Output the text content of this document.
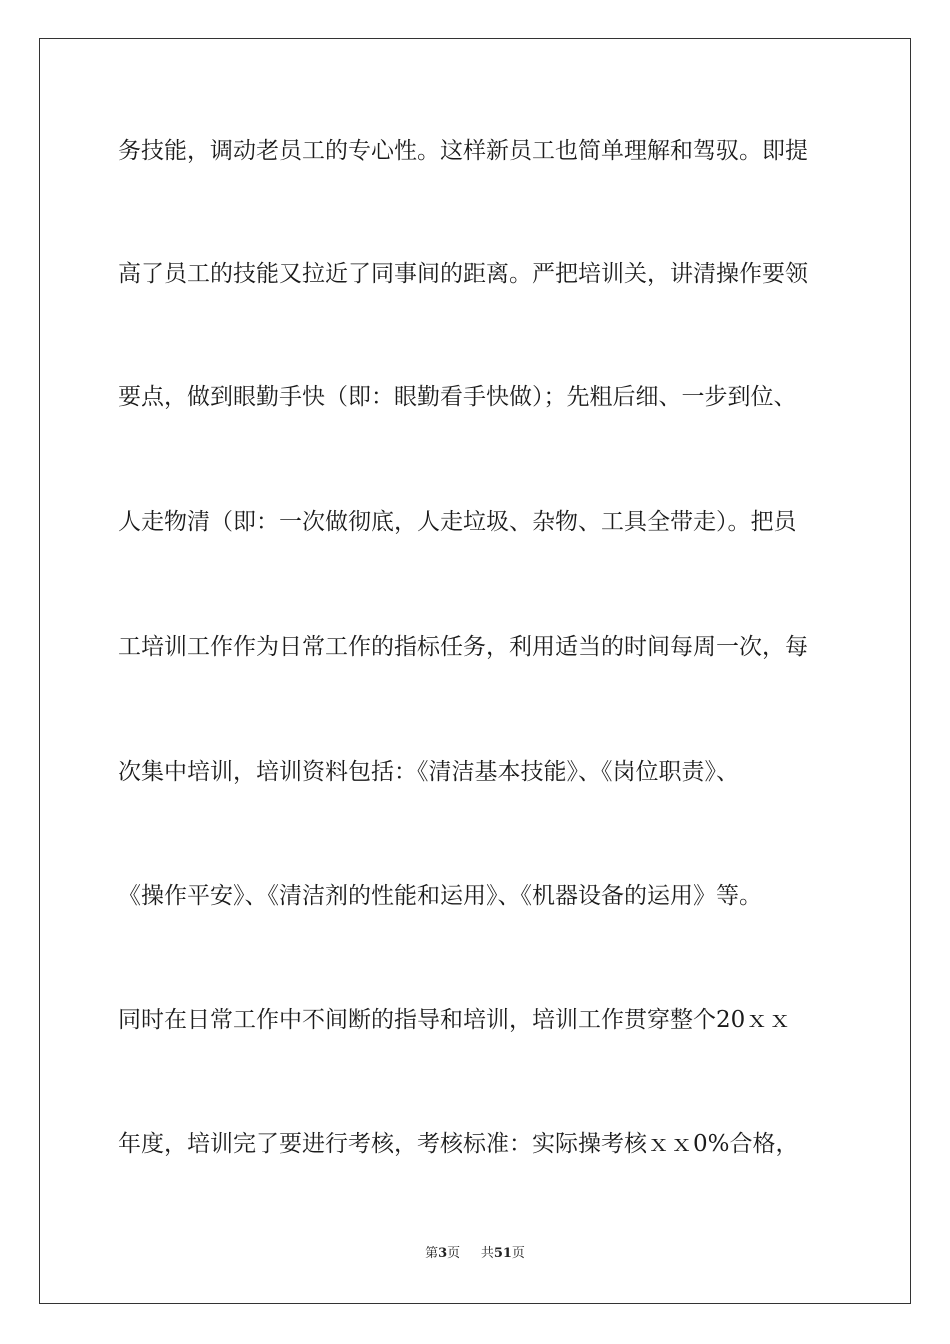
务技能，调动老员工的专心性。这样新员工也简单理解和驾驭。即提
高了员工的技能又拉近了同事间的距离。严把培训关，讲清操作要领
要点，做到眼勤手快（即：眼勤看手快做）；先粗后细、一步到位、
人走物清（即：一次做彻底，人走垃圾、杂物、工具全带走）。把员
工培训工作作为日常工作的指标任务，利用适当的时间每周一次，每
次集中培训，培训资料包括：《清洁基本技能》、《岗位职责》、
《操作平安》、《清洁剂的性能和运用》、《机器设备的运用》等。
同时在日常工作中不间断的指导和培训，培训工作贯穿整个20ｘｘ
年度，培训完了要进行考核，考核标准：实际操考核ｘｘ0%合格，
第3页 共51页
